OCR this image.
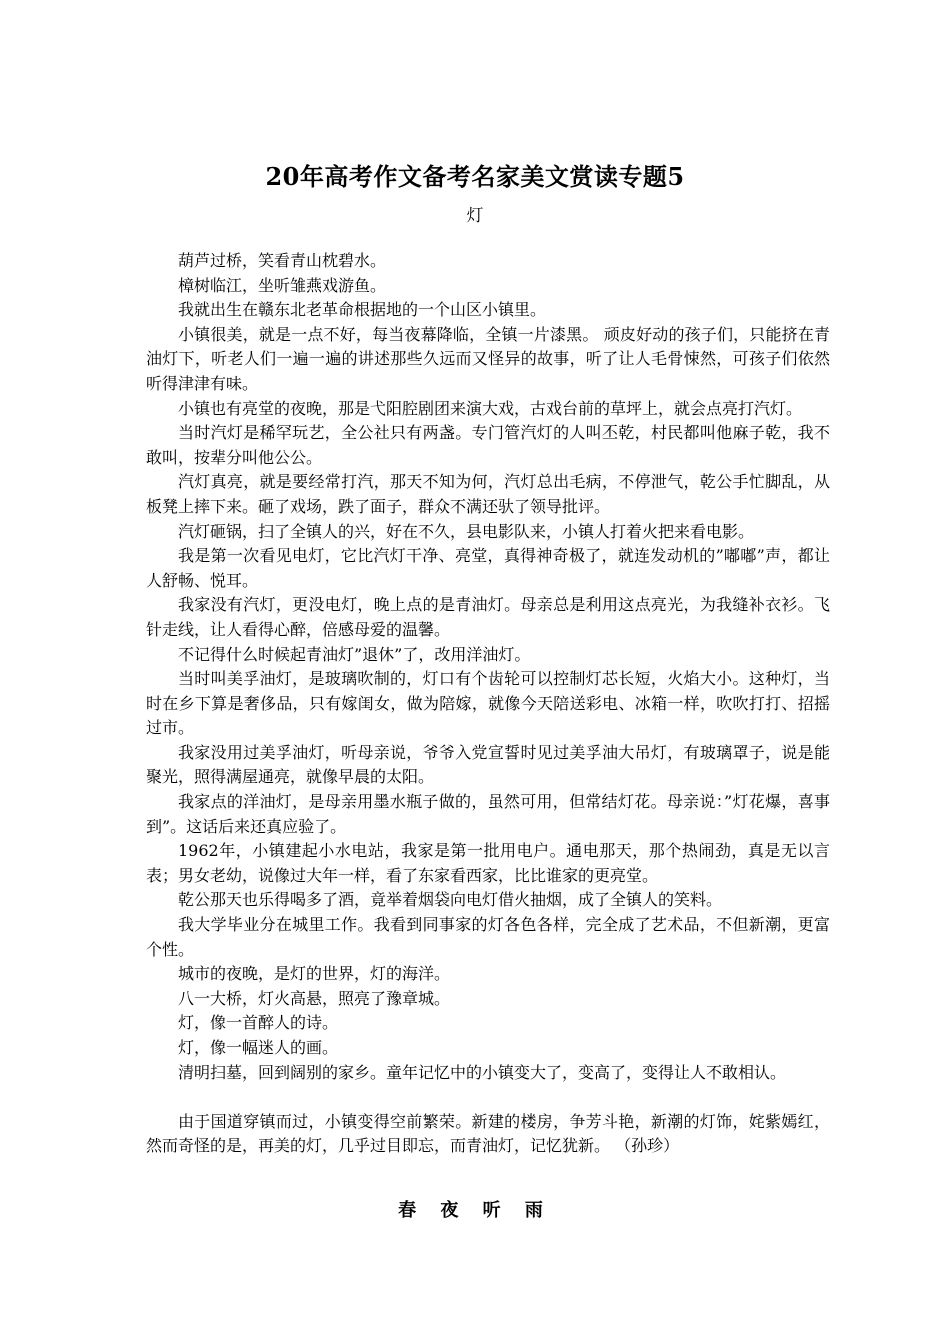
20年高考作文备考名家美文赏读专题5
灯

葫芦过桥，笑看青山枕碧水。

樟树临江，坐听雏燕戏游鱼。

我就出生在赣东北老革命根据地的一个山区小镇里。

小镇很美，就是一点不好，每当夜幕降临，全镇一片漆黑。 顽皮好动的孩子们，只能挤在青油灯下，听老人们一遍一遍的讲述那些久远而又怪异的故事，听了让人毛骨悚然，可孩子们依然听得津津有味。

小镇也有亮堂的夜晚，那是弋阳腔剧团来演大戏，古戏台前的草坪上，就会点亮打汽灯。

当时汽灯是稀罕玩艺，全公社只有两盏。专门管汽灯的人叫丕乾，村民都叫他麻子乾，我不敢叫，按辈分叫他公公。

汽灯真亮，就是要经常打汽，那天不知为何，汽灯总出毛病，不停泄气，乾公手忙脚乱，从板凳上摔下来。砸了戏场，跌了面子，群众不满还驮了领导批评。

汽灯砸锅，扫了全镇人的兴，好在不久，县电影队来，小镇人打着火把来看电影。

我是第一次看见电灯，它比汽灯干净、亮堂，真得神奇极了，就连发动机的”嘟嘟”声，都让人舒畅、悦耳。

我家没有汽灯，更没电灯，晚上点的是青油灯。母亲总是利用这点亮光，为我缝补衣衫。飞针走线，让人看得心醉，倍感母爱的温馨。

不记得什么时候起青油灯”退休”了，改用洋油灯。

当时叫美孚油灯，是玻璃吹制的，灯口有个齿轮可以控制灯芯长短，火焰大小。这种灯，当时在乡下算是奢侈品，只有嫁闺女，做为陪嫁，就像今天陪送彩电、冰箱一样，吹吹打打、招摇过市。

我家没用过美孚油灯，听母亲说，爷爷入党宣誓时见过美孚油大吊灯，有玻璃罩子，说是能聚光，照得满屋通亮，就像早晨的太阳。

我家点的洋油灯，是母亲用墨水瓶子做的，虽然可用，但常结灯花。母亲说：”灯花爆，喜事到”。这话后来还真应验了。

1962年，小镇建起小水电站，我家是第一批用电户。通电那天，那个热闹劲，真是无以言表；男女老幼，说像过大年一样，看了东家看西家，比比谁家的更亮堂。

乾公那天也乐得喝多了酒，竟举着烟袋向电灯借火抽烟，成了全镇人的笑料。

我大学毕业分在城里工作。我看到同事家的灯各色各样，完全成了艺术品，不但新潮，更富个性。

城市的夜晚，是灯的世界，灯的海洋。

八一大桥，灯火高悬，照亮了豫章城。

灯，像一首醉人的诗。

灯，像一幅迷人的画。

清明扫墓，回到阔别的家乡。童年记忆中的小镇变大了，变高了，变得让人不敢相认。

由于国道穿镇而过，小镇变得空前繁荣。新建的楼房，争芳斗艳，新潮的灯饰，姹紫嫣红，然而奇怪的是，再美的灯，几乎过目即忘，而青油灯，记忆犹新。 （孙珍）

春 夜 听 雨
